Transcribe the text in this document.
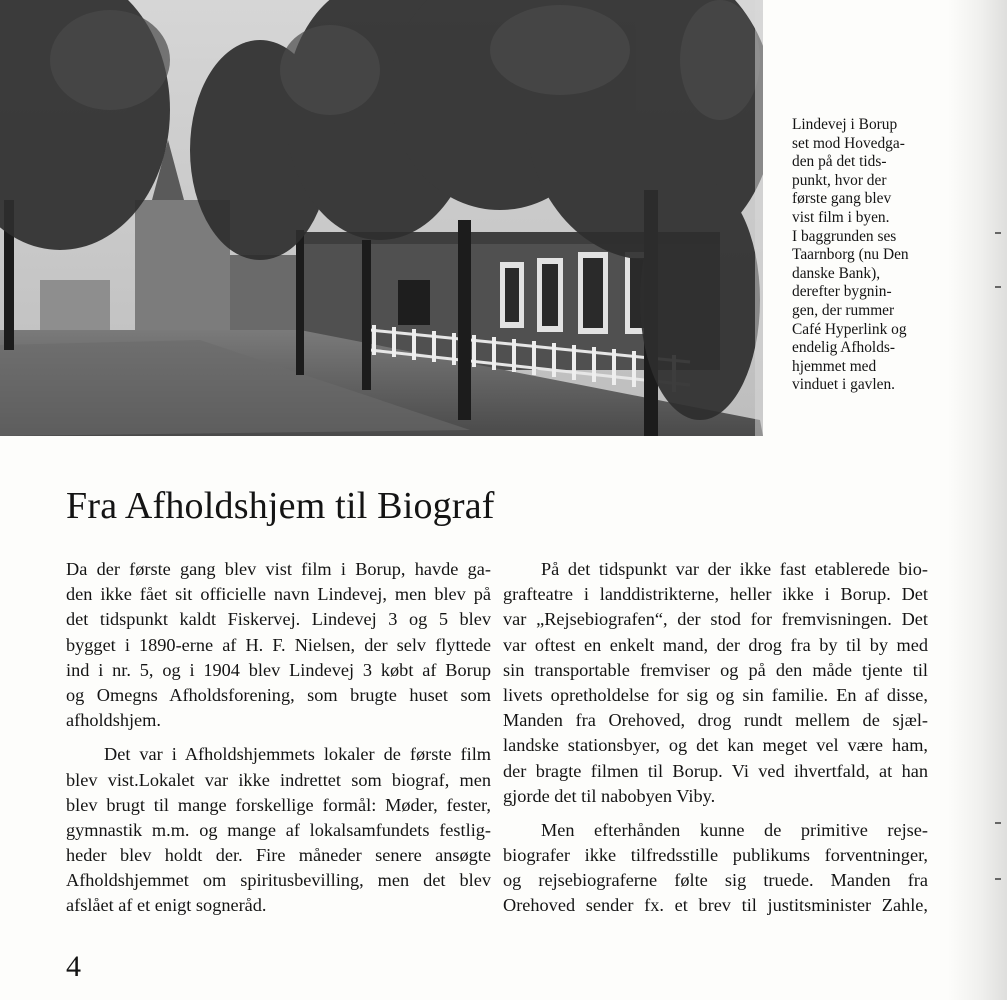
Lindevej i Borup
set mod Hovedga-
den på det tids-
punkt, hvor der
første gang blev
vist film i byen.
I baggrunden ses
Taarnborg (nu Den
danske Bank),
derefter bygnin-
gen, der rummer
Café Hyperlink og
endelig Afholds-
hjemmet med
vinduet i gavlen.
Fra Afholdshjem til Biograf
Da der første gang blev vist film i Borup, havde ga-
den ikke fået sit officielle navn Lindevej, men blev på
det tidspunkt kaldt Fiskervej. Lindevej 3 og 5 blev
bygget i 1890-erne af H. F. Nielsen, der selv flyttede
ind i nr. 5, og i 1904 blev Lindevej 3 købt af Borup
og Omegns Afholdsforening, som brugte huset som
afholdshjem.
Det var i Afholdshjemmets lokaler de første film
blev vist.Lokalet var ikke indrettet som biograf, men
blev brugt til mange forskellige formål: Møder, fester,
gymnastik m.m. og mange af lokalsamfundets festlig-
heder blev holdt der. Fire måneder senere ansøgte
Afholdshjemmet om spiritusbevilling, men det blev
afslået af et enigt sogneråd.
På det tidspunkt var der ikke fast etablerede bio-
grafteatre i landdistrikterne, heller ikke i Borup. Det
var „Rejsebiografen“, der stod for fremvisningen. Det
var oftest en enkelt mand, der drog fra by til by med
sin transportable fremviser og på den måde tjente til
livets opretholdelse for sig og sin familie. En af disse,
Manden fra Orehoved, drog rundt mellem de sjæl-
landske stationsbyer, og det kan meget vel være ham,
der bragte filmen til Borup. Vi ved ihvertfald, at han
gjorde det til nabobyen Viby.
Men efterhånden kunne de primitive rejse-
biografer ikke tilfredsstille publikums forventninger,
og rejsebiograferne følte sig truede. Manden fra
Orehoved sender fx. et brev til justitsminister Zahle,
4
